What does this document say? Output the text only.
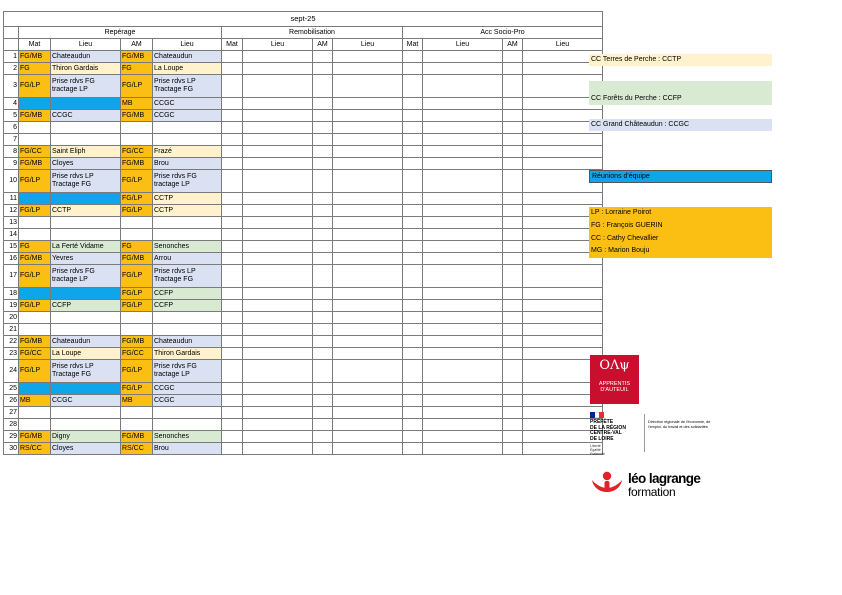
sept-25												
	Repérage				Remobilisation				Acc Socio-Pro			
	Mat	Lieu	AM	Lieu	Mat	Lieu	AM	Lieu	Mat	Lieu	AM	Lieu
1	FG/MB	Chateaudun	FG/MB	Chateaudun								
2	FG	Thiron Gardais	FG	La Loupe								
3	FG/LP	Prise rdvs FG tractage LP	FG/LP	Prise rdvs LP Tractage FG								
4			MB	CCGC								
5	FG/MB	CCGC	FG/MB	CCGC								
6												
7												
8	FG/CC	Saint Eliph	FG/CC	Frazé								
9	FG/MB	Cloyes	FG/MB	Brou								
10	FG/LP	Prise rdvs LP Tractage FG	FG/LP	Prise rdvs FG tractage LP								
11			FG/LP	CCTP								
12	FG/LP	CCTP	FG/LP	CCTP								
13												
14												
15	FG	La Ferté Vidame	FG	Senonches								
16	FG/MB	Yevres	FG/MB	Arrou								
17	FG/LP	Prise rdvs FG tractage LP	FG/LP	Prise rdvs LP Tractage FG								
18			FG/LP	CCFP								
19	FG/LP	CCFP	FG/LP	CCFP								
20												
21												
22	FG/MB	Chateaudun	FG/MB	Chateaudun								
23	FG/CC	La Loupe	FG/CC	Thiron Gardais								
24	FG/LP	Prise rdvs LP Tractage FG	FG/LP	Prise rdvs FG tractage LP								
25			FG/LP	CCGC								
26	MB	CCGC	MB	CCGC								
27												
28												
29	FG/MB	Digny	FG/MB	Senonches								
30	RS/CC	Cloyes	RS/CC	Brou								
CC Terres de Perche : CCTP
CC Forêts du Perche : CCFP
CC Grand Châteaudun : CCGC
Réunions d'équipe
LP : Lorraine Poirot
FG : François GUERIN
CC : Cathy Chevallier
MG : Marion Bouju
OΛψ
APPRENTIS D'AUTEUIL
PRÉFÈTE
DE LA RÉGION
CENTRE-VAL
DE LOIRE
Liberté Égalité Fraternité
Direction régionale de l'économie, de l'emploi, du travail et des solidarités
léo lagrange
formation
